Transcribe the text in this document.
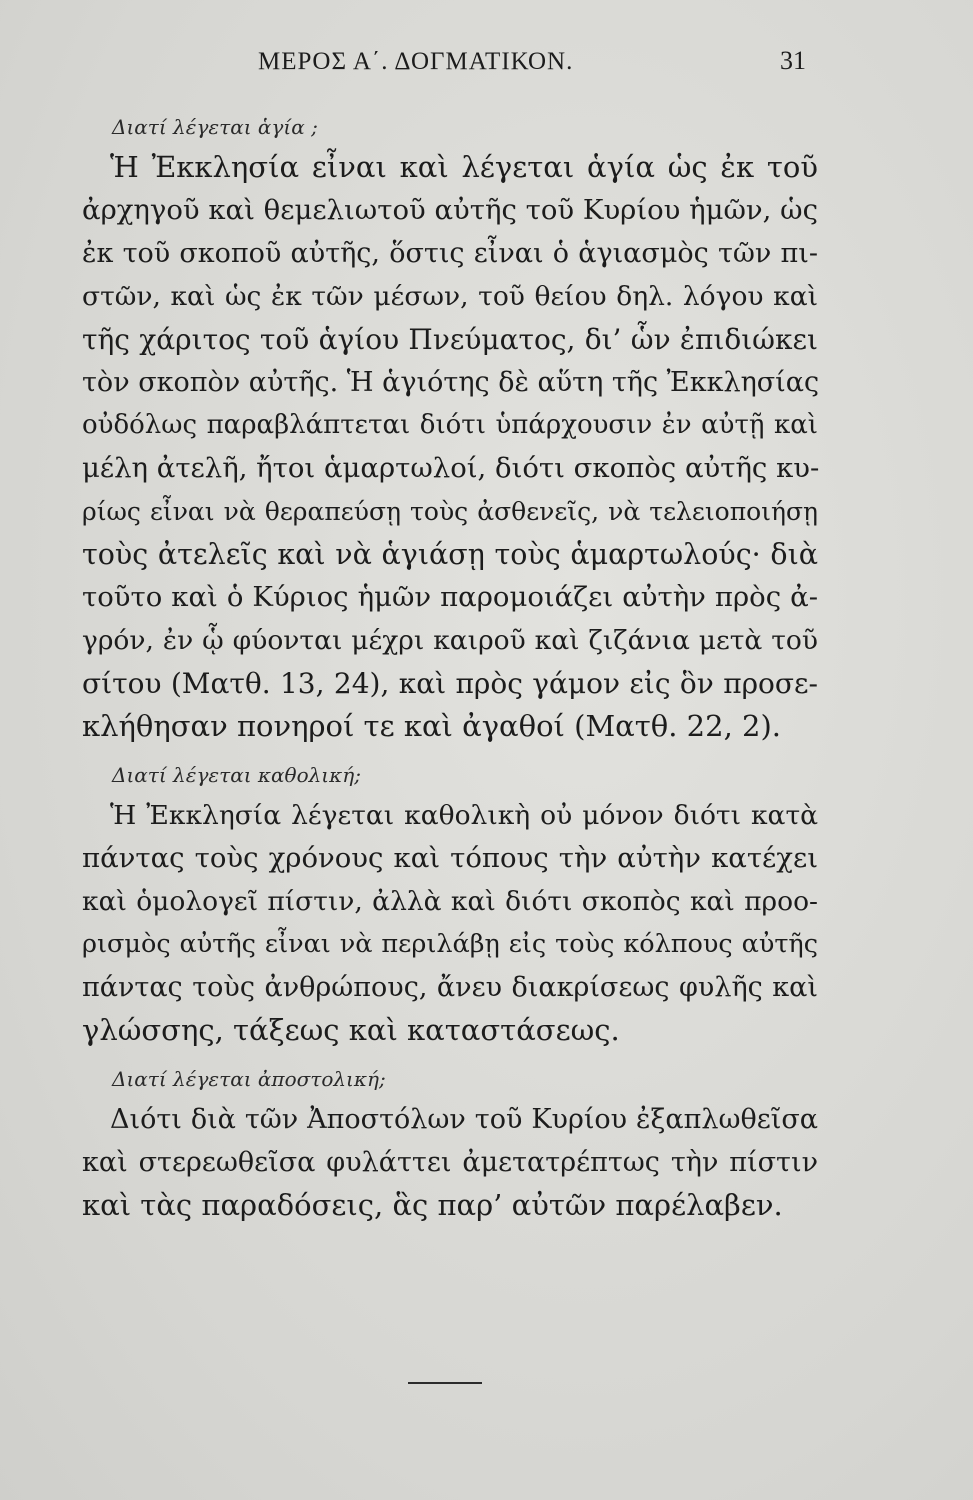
ΜΕΡΟΣ Α΄. ΔΟΓΜΑΤΙΚΟΝ.	31
Διατί λέγεται ἁγία ;
Ἡ Ἐκκλησία εἶναι καὶ λέγεται ἁγία ὡς ἐκ τοῦ
ἀρχηγοῦ καὶ θεμελιωτοῦ αὐτῆς τοῦ Κυρίου ἡμῶν, ὡς
ἐκ τοῦ σκοποῦ αὐτῆς, ὅστις εἶναι ὁ ἁγιασμὸς τῶν πι-
στῶν, καὶ ὡς ἐκ τῶν μέσων, τοῦ θείου δηλ. λόγου καὶ
τῆς χάριτος τοῦ ἁγίου Πνεύματος, δι’ ὧν ἐπιδιώκει
τὸν σκοπὸν αὐτῆς. Ἡ ἁγιότης δὲ αὕτη τῆς Ἐκκλησίας
οὐδόλως παραβλάπτεται διότι ὑπάρχουσιν ἐν αὐτῇ καὶ
μέλη ἀτελῆ, ἤτοι ἁμαρτωλοί, διότι σκοπὸς αὐτῆς κυ-
ρίως εἶναι νὰ θεραπεύσῃ τοὺς ἀσθενεῖς, νὰ τελειοποιήσῃ
τοὺς ἀτελεῖς καὶ νὰ ἁγιάσῃ τοὺς ἁμαρτωλούς· διὰ
τοῦτο καὶ ὁ Κύριος ἡμῶν παρομοιάζει αὐτὴν πρὸς ἀ-
γρόν, ἐν ᾧ φύονται μέχρι καιροῦ καὶ ζιζάνια μετὰ τοῦ
σίτου (Ματθ. 13, 24), καὶ πρὸς γάμον εἰς ὃν προσε-
κλήθησαν πονηροί τε καὶ ἀγαθοί (Ματθ. 22, 2).
Διατί λέγεται καθολική;
Ἡ Ἐκκλησία λέγεται καθολικὴ οὐ μόνον διότι κατὰ
πάντας τοὺς χρόνους καὶ τόπους τὴν αὐτὴν κατέχει
καὶ ὁμολογεῖ πίστιν, ἀλλὰ καὶ διότι σκοπὸς καὶ προο-
ρισμὸς αὐτῆς εἶναι νὰ περιλάβῃ εἰς τοὺς κόλπους αὐτῆς
πάντας τοὺς ἀνθρώπους, ἄνευ διακρίσεως φυλῆς καὶ
γλώσσης, τάξεως καὶ καταστάσεως.
Διατί λέγεται ἀποστολική;
Διότι διὰ τῶν Ἀποστόλων τοῦ Κυρίου ἐξαπλωθεῖσα
καὶ στερεωθεῖσα φυλάττει ἀμετατρέπτως τὴν πίστιν
καὶ τὰς παραδόσεις, ἃς παρ’ αὐτῶν παρέλαβεν.
